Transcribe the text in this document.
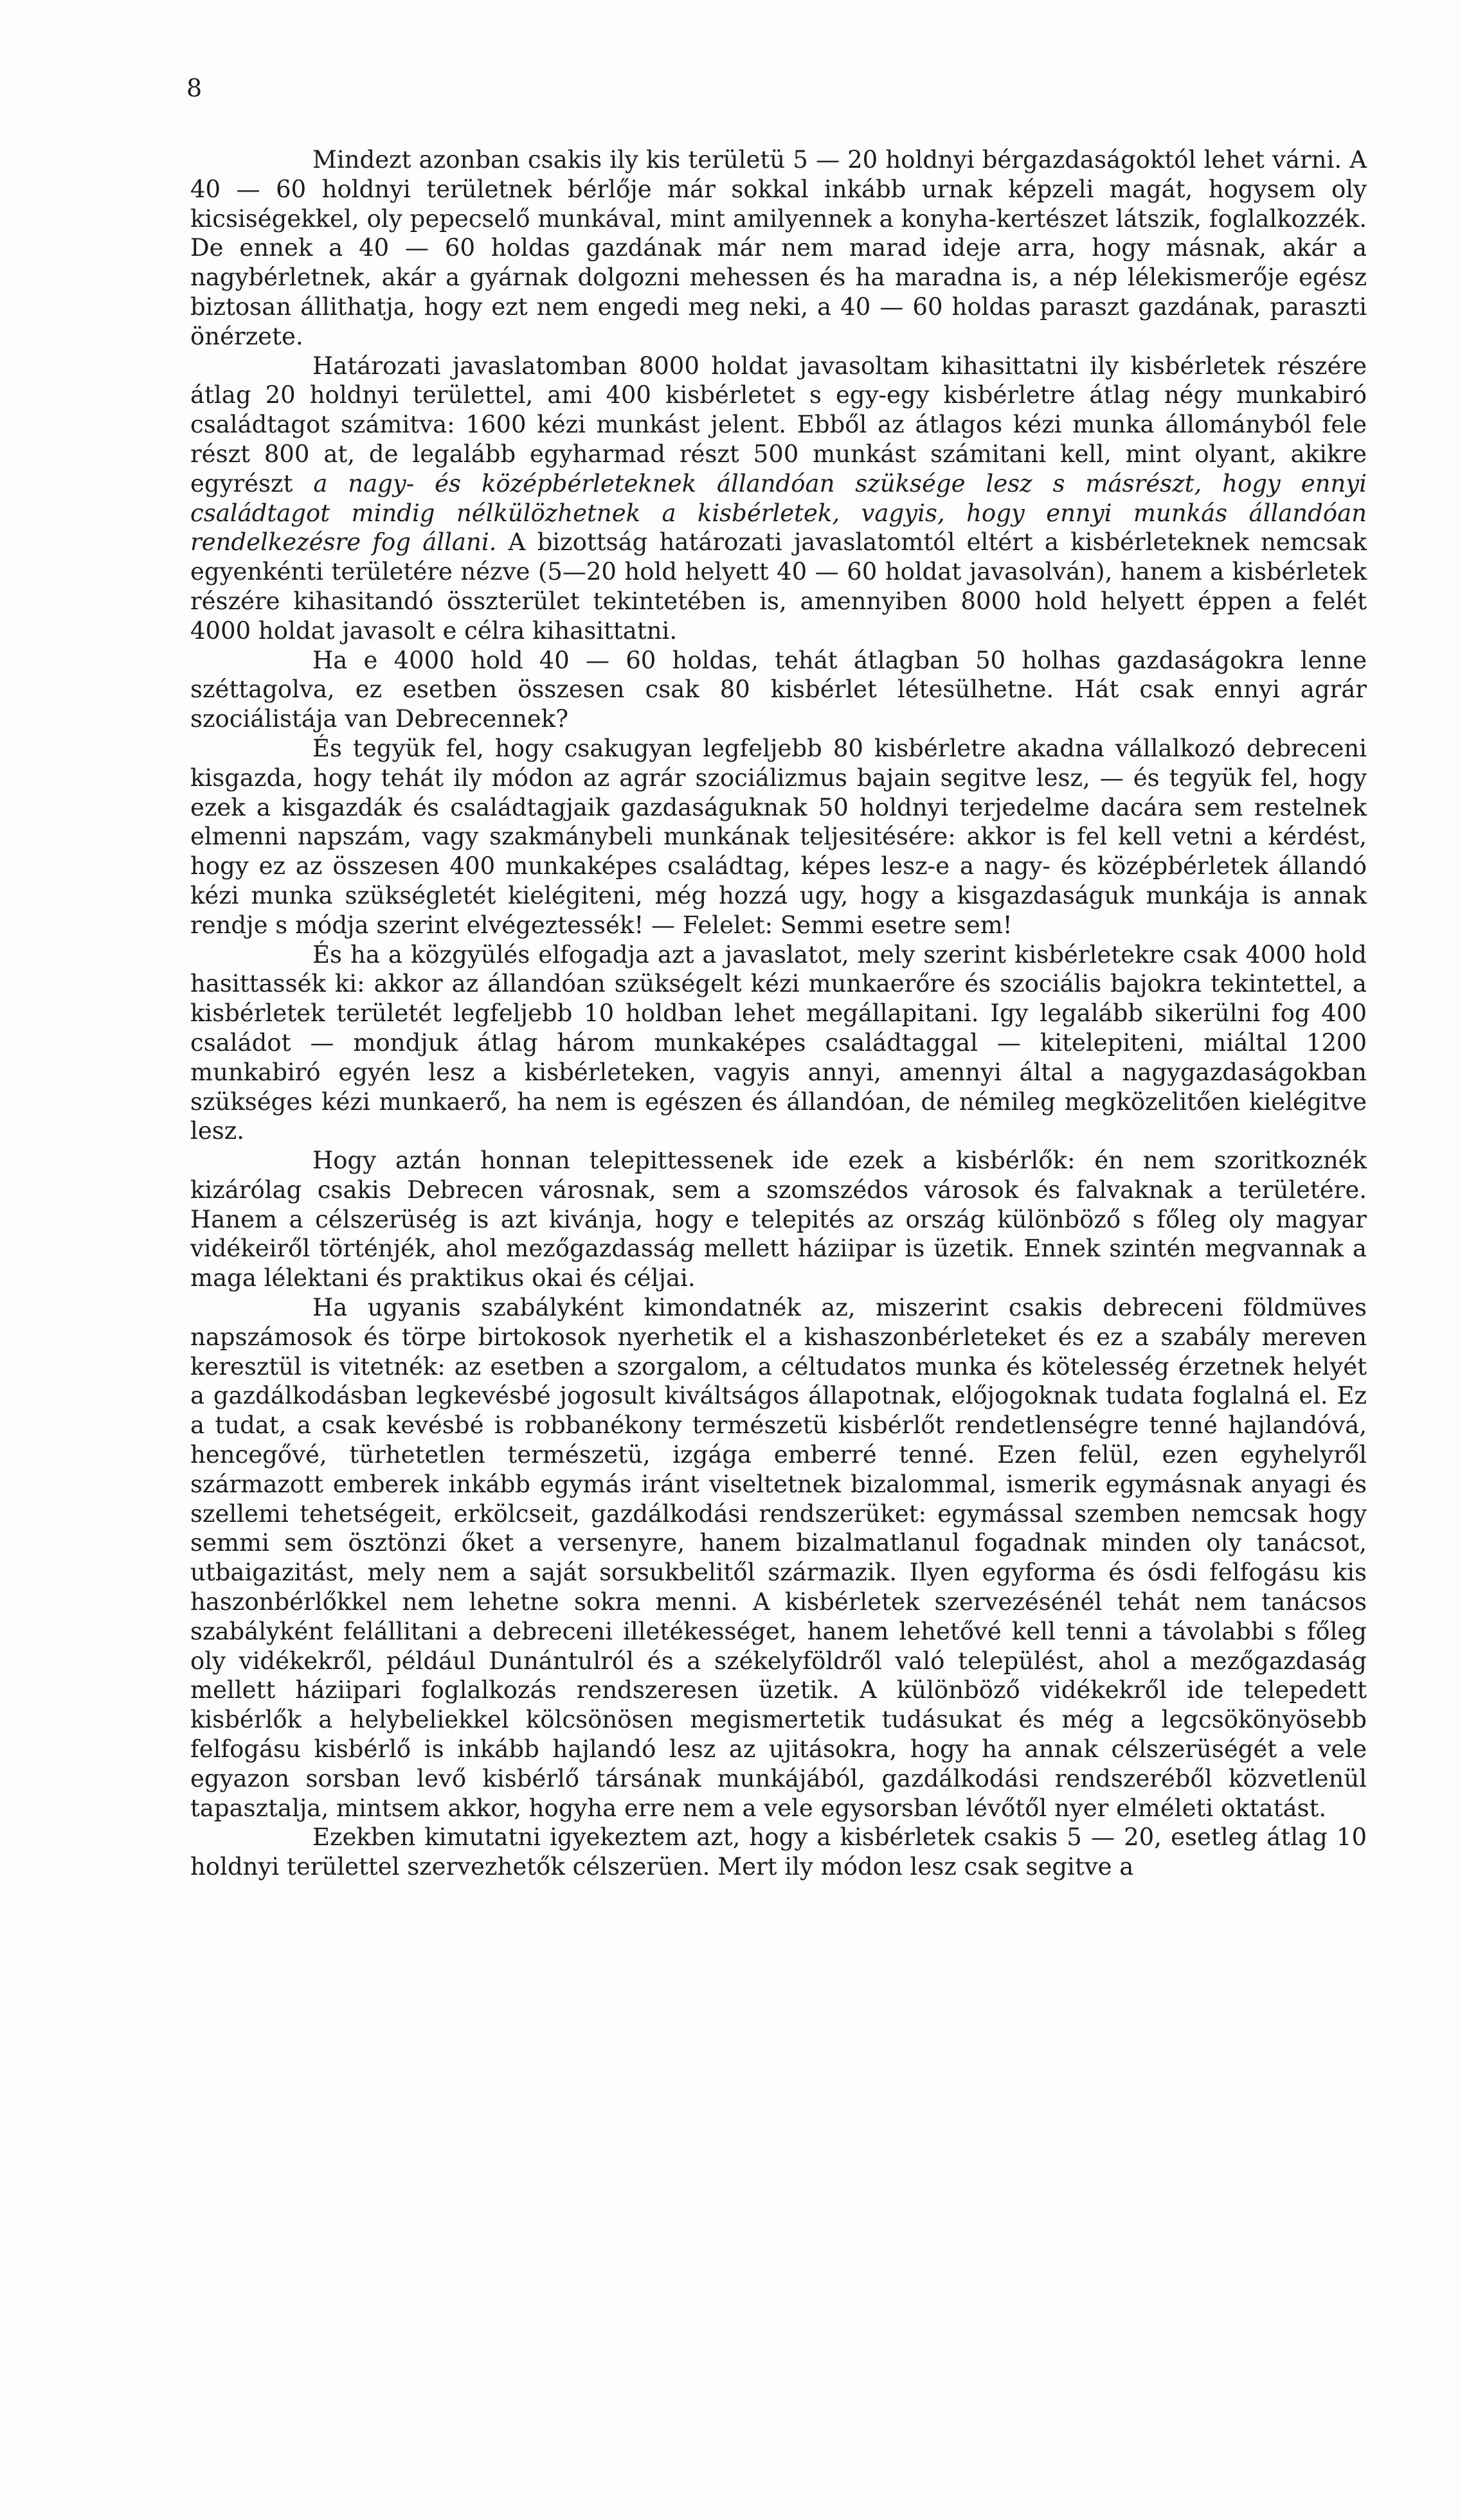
8

Mindezt azonban csakis ily kis területü 5 — 20 holdnyi bérgazdaságoktól lehet várni. A 40 — 60 holdnyi területnek bérlője már sokkal inkább urnak képzeli magát, hogysem oly kicsiségekkel, oly pepecselő munkával, mint amilyennek a konyha-kertészet látszik, foglalkozzék. De ennek a 40 — 60 holdas gazdának már nem marad ideje arra, hogy másnak, akár a nagybérletnek, akár a gyárnak dolgozni mehessen és ha maradna is, a nép lélekismerője egész biztosan állithatja, hogy ezt nem engedi meg neki, a 40 — 60 holdas paraszt gazdának, paraszti önérzete.

Határozati javaslatomban 8000 holdat javasoltam kihasittatni ily kisbérletek részére átlag 20 holdnyi területtel, ami 400 kisbérletet s egy-egy kisbérletre átlag négy munkabiró családtagot számitva: 1600 kézi munkást jelent. Ebből az átlagos kézi munka állományból fele részt 800 at, de legalább egyharmad részt 500 munkást számitani kell, mint olyant, akikre egyrészt a nagy- és középbérleteknek állandóan szüksége lesz s másrészt, hogy ennyi családtagot mindig nélkülözhetnek a kisbérletek, vagyis, hogy ennyi munkás állandóan rendelkezésre fog állani. A bizottság határozati javaslatomtól eltért a kisbérleteknek nemcsak egyenkénti területére nézve (5—20 hold helyett 40 — 60 holdat javasolván), hanem a kisbérletek részére kihasitandó összterület tekintetében is, amennyiben 8000 hold helyett éppen a felét 4000 holdat javasolt e célra kihasittatni.

Ha e 4000 hold 40 — 60 holdas, tehát átlagban 50 holhas gazdaságokra lenne széttagolva, ez esetben összesen csak 80 kisbérlet létesülhetne. Hát csak ennyi agrár szociálistája van Debrecennek?

És tegyük fel, hogy csakugyan legfeljebb 80 kisbérletre akadna vállalkozó debreceni kisgazda, hogy tehát ily módon az agrár szociálizmus bajain segitve lesz, — és tegyük fel, hogy ezek a kisgazdák és családtagjaik gazdaságuknak 50 holdnyi terjedelme dacára sem restelnek elmenni napszám, vagy szakmánybeli munkának teljesitésére: akkor is fel kell vetni a kérdést, hogy ez az összesen 400 munkaképes családtag, képes lesz-e a nagy- és középbérletek állandó kézi munka szükségletét kielégiteni, még hozzá ugy, hogy a kisgazdaságuk munkája is annak rendje s módja szerint elvégeztessék! — Felelet: Semmi esetre sem!

És ha a közgyülés elfogadja azt a javaslatot, mely szerint kisbérletekre csak 4000 hold hasittassék ki: akkor az állandóan szükségelt kézi munkaerőre és szociális bajokra tekintettel, a kisbérletek területét legfeljebb 10 holdban lehet megállapitani. Igy legalább sikerülni fog 400 családot — mondjuk átlag három munkaképes családtaggal — kitelepiteni, miáltal 1200 munkabiró egyén lesz a kisbérleteken, vagyis annyi, amennyi által a nagygazdaságokban szükséges kézi munkaerő, ha nem is egészen és állandóan, de némileg megközelitően kielégitve lesz.

Hogy aztán honnan telepittessenek ide ezek a kisbérlők: én nem szoritkoznék kizárólag csakis Debrecen városnak, sem a szomszédos városok és falvaknak a területére. Hanem a célszerüség is azt kivánja, hogy e telepités az ország különböző s főleg oly magyar vidékeiről történjék, ahol mezőgazdasság mellett háziipar is üzetik. Ennek szintén megvannak a maga lélektani és praktikus okai és céljai.

Ha ugyanis szabályként kimondatnék az, miszerint csakis debreceni földmüves napszámosok és törpe birtokosok nyerhetik el a kishaszonbérleteket és ez a szabály mereven keresztül is vitetnék: az esetben a szorgalom, a céltudatos munka és kötelesség érzetnek helyét a gazdálkodásban legkevésbé jogosult kiváltságos állapotnak, előjogoknak tudata foglalná el. Ez a tudat, a csak kevésbé is robbanékony természetü kisbérlőt rendetlenségre tenné hajlandóvá, hencegővé, türhetetlen természetü, izgága emberré tenné. Ezen felül, ezen egyhelyről származott emberek inkább egymás iránt viseltetnek bizalommal, ismerik egymásnak anyagi és szellemi tehetségeit, erkölcseit, gazdálkodási rendszerüket: egymással szemben nemcsak hogy semmi sem ösztönzi őket a versenyre, hanem bizalmatlanul fogadnak minden oly tanácsot, utbaigazitást, mely nem a saját sorsukbelitől származik. Ilyen egyforma és ósdi felfogásu kis haszonbérlőkkel nem lehetne sokra menni. A kisbérletek szervezésénél tehát nem tanácsos szabályként felállitani a debreceni illetékességet, hanem lehetővé kell tenni a távolabbi s főleg oly vidékekről, például Dunántulról és a székelyföldről való települést, ahol a mezőgazdaság mellett háziipari foglalkozás rendszeresen üzetik. A különböző vidékekről ide telepedett kisbérlők a helybeliekkel kölcsönösen megismertetik tudásukat és még a legcsökönyösebb felfogásu kisbérlő is inkább hajlandó lesz az ujitásokra, hogy ha annak célszerüségét a vele egyazon sorsban levő kisbérlő társának munkájából, gazdálkodási rendszeréből közvetlenül tapasztalja, mintsem akkor, hogyha erre nem a vele egysorsban lévőtől nyer elméleti oktatást.

Ezekben kimutatni igyekeztem azt, hogy a kisbérletek csakis 5 — 20, esetleg átlag 10 holdnyi területtel szervezhetők célszerüen. Mert ily módon lesz csak segitve a
